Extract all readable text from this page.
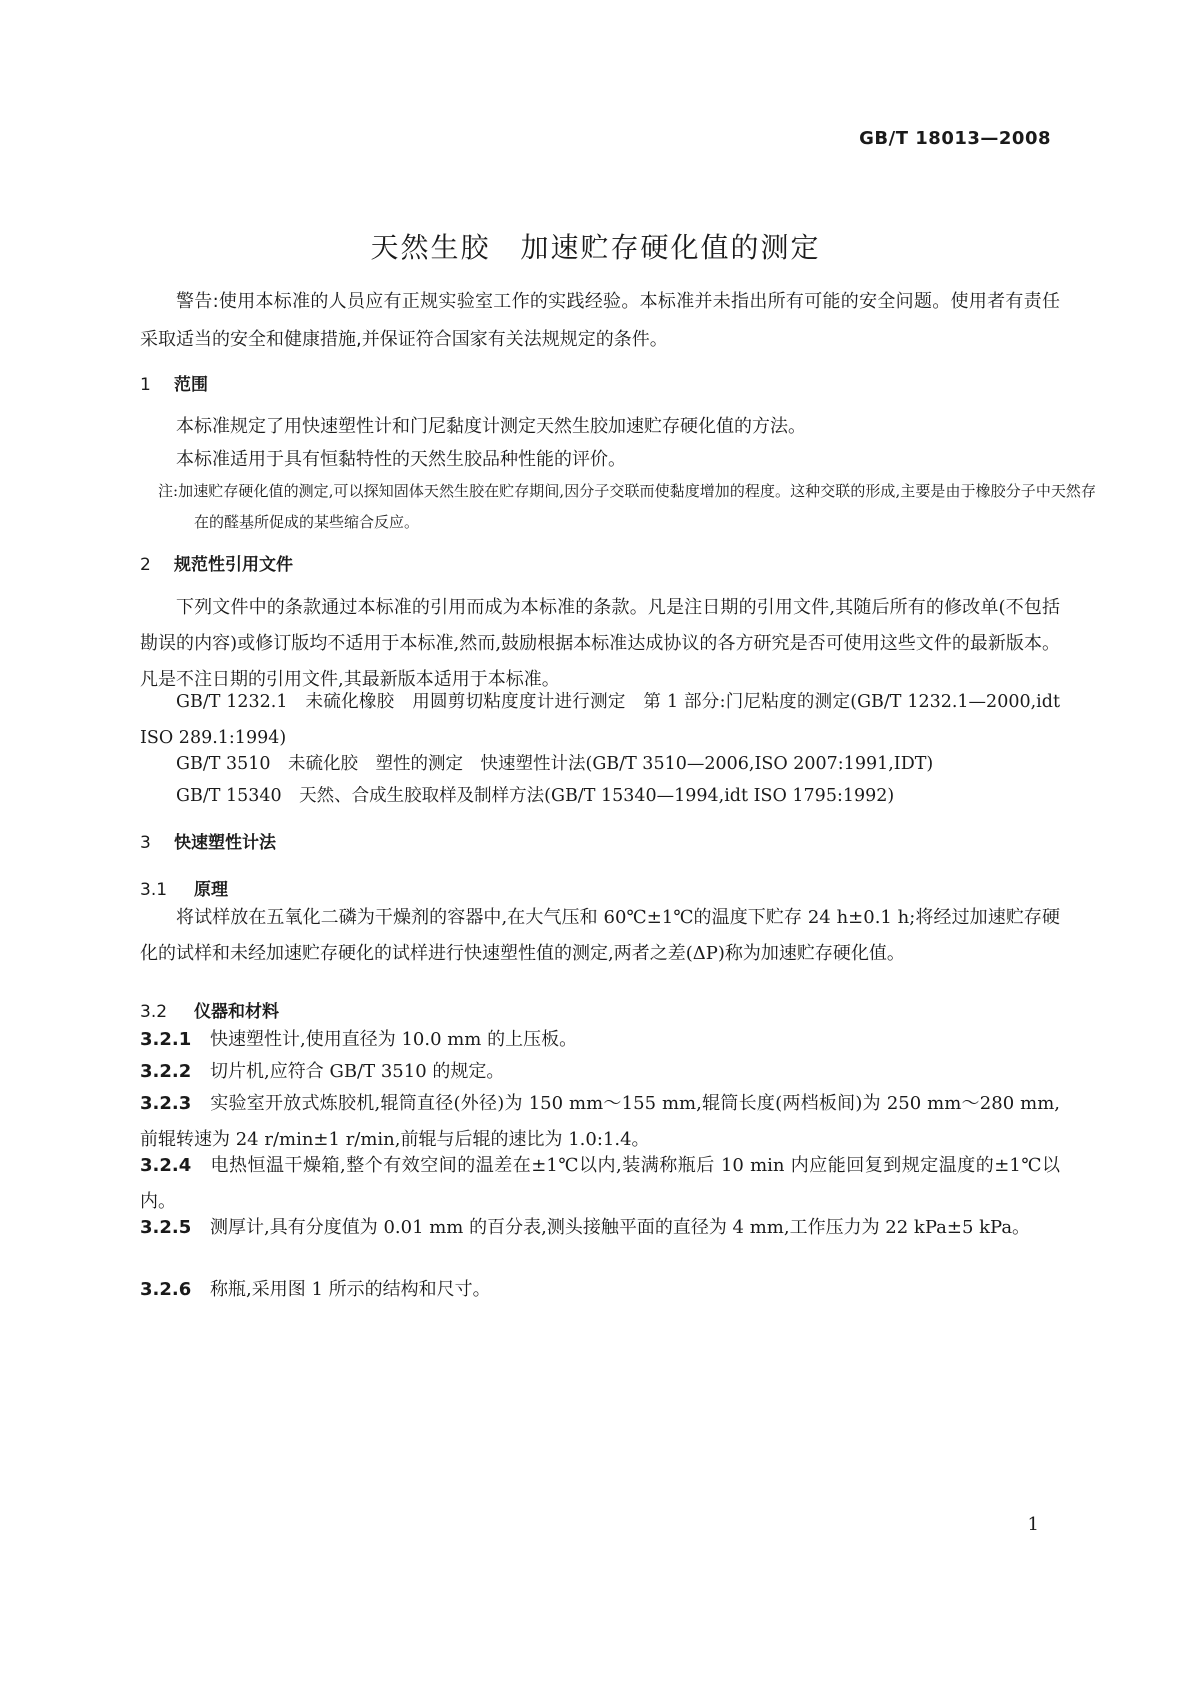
GB/T 18013—2008
天然生胶　加速贮存硬化值的测定
警告:使用本标准的人员应有正规实验室工作的实践经验。本标准并未指出所有可能的安全问题。使用者有责任采取适当的安全和健康措施,并保证符合国家有关法规规定的条件。
1 范围
本标准规定了用快速塑性计和门尼黏度计测定天然生胶加速贮存硬化值的方法。
本标准适用于具有恒黏特性的天然生胶品种性能的评价。
注:加速贮存硬化值的测定,可以探知固体天然生胶在贮存期间,因分子交联而使黏度增加的程度。这种交联的形成,主要是由于橡胶分子中天然存在的醛基所促成的某些缩合反应。
2 规范性引用文件
下列文件中的条款通过本标准的引用而成为本标准的条款。凡是注日期的引用文件,其随后所有的修改单(不包括勘误的内容)或修订版均不适用于本标准,然而,鼓励根据本标准达成协议的各方研究是否可使用这些文件的最新版本。凡是不注日期的引用文件,其最新版本适用于本标准。
GB/T 1232.1　未硫化橡胶　用圆剪切粘度度计进行测定　第 1 部分:门尼粘度的测定(GB/T 1232.1—2000,idt ISO 289.1:1994)
GB/T 3510　未硫化胶　塑性的测定　快速塑性计法(GB/T 3510—2006,ISO 2007:1991,IDT)
GB/T 15340　天然、合成生胶取样及制样方法(GB/T 15340—1994,idt ISO 1795:1992)
3 快速塑性计法
3.1 原理
将试样放在五氧化二磷为干燥剂的容器中,在大气压和 60℃±1℃的温度下贮存 24 h±0.1 h;将经过加速贮存硬化的试样和未经加速贮存硬化的试样进行快速塑性值的测定,两者之差(ΔP)称为加速贮存硬化值。
3.2 仪器和材料
3.2.1 快速塑性计,使用直径为 10.0 mm 的上压板。
3.2.2 切片机,应符合 GB/T 3510 的规定。
3.2.3 实验室开放式炼胶机,辊筒直径(外径)为 150 mm～155 mm,辊筒长度(两档板间)为 250 mm～280 mm,前辊转速为 24 r/min±1 r/min,前辊与后辊的速比为 1.0:1.4。
3.2.4 电热恒温干燥箱,整个有效空间的温差在±1℃以内,装满称瓶后 10 min 内应能回复到规定温度的±1℃以内。
3.2.5 测厚计,具有分度值为 0.01 mm 的百分表,测头接触平面的直径为 4 mm,工作压力为 22 kPa±5 kPa。
3.2.6 称瓶,采用图 1 所示的结构和尺寸。
1
